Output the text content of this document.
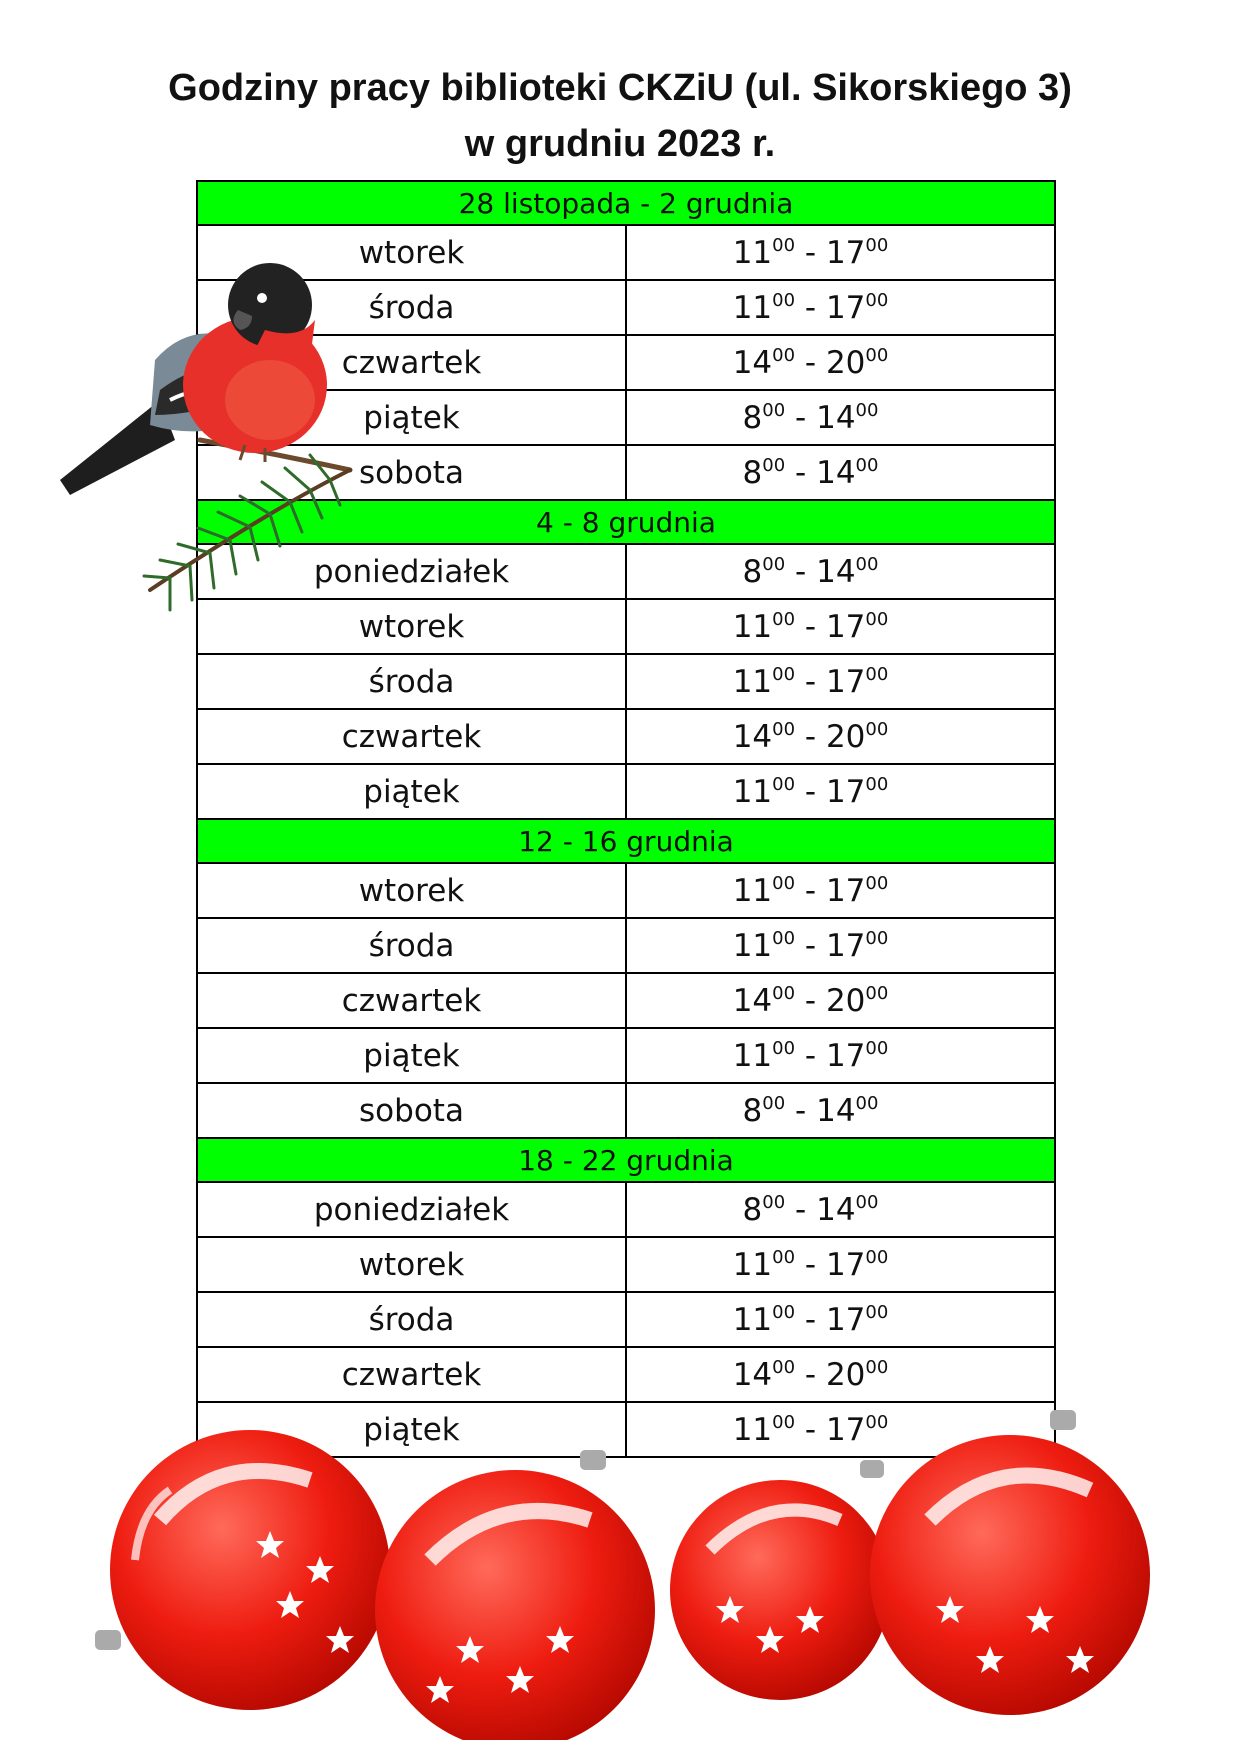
Godziny pracy biblioteki CKZiU (ul. Sikorskiego 3)
w grudniu 2023 r.
28 listopada - 2 grudnia	
wtorek	$11^{00} - 17^{00}$
środa	$11^{00} - 17^{00}$
czwartek	$14^{00} - 20^{00}$
piątek	$8^{00} - 14^{00}$
sobota	$8^{00} - 14^{00}$
4 - 8 grudnia	
poniedziałek	$8^{00} - 14^{00}$
wtorek	$11^{00} - 17^{00}$
środa	$11^{00} - 17^{00}$
czwartek	$14^{00} - 20^{00}$
piątek	$11^{00} - 17^{00}$
12 - 16 grudnia	
wtorek	$11^{00} - 17^{00}$
środa	$11^{00} - 17^{00}$
czwartek	$14^{00} - 20^{00}$
piątek	$11^{00} - 17^{00}$
sobota	$8^{00} - 14^{00}$
18 - 22 grudnia	
poniedziałek	$8^{00} - 14^{00}$
wtorek	$11^{00} - 17^{00}$
środa	$11^{00} - 17^{00}$
czwartek	$14^{00} - 20^{00}$
piątek	$11^{00} - 17^{00}$
